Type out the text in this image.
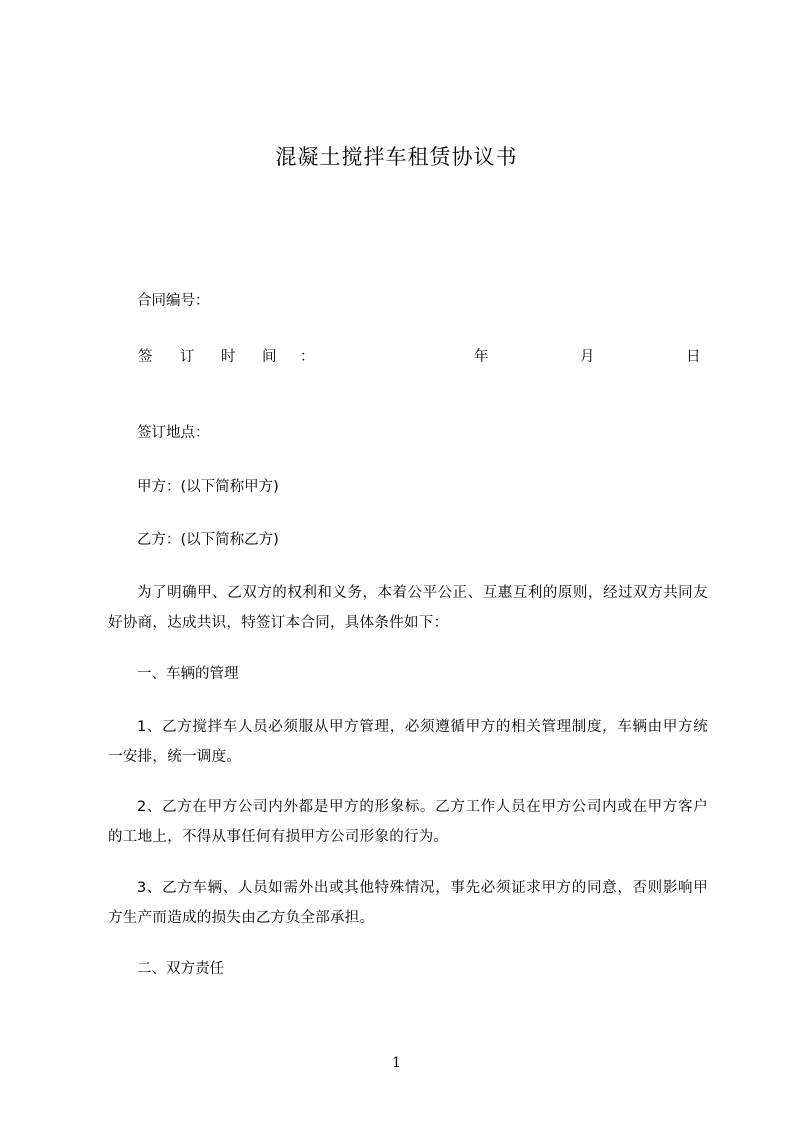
混凝土搅拌车租赁协议书
合同编号：
签 订 时 间 ：	年	月	日
签订地点：
甲方：(以下简称甲方)
乙方：(以下简称乙方)
为了明确甲、乙双方的权利和义务，本着公平公正、互惠互利的原则，经过双方共同友好协商，达成共识，特签订本合同，具体条件如下：
一、车辆的管理
1、乙方搅拌车人员必须服从甲方管理，必须遵循甲方的相关管理制度，车辆由甲方统一安排，统一调度。
2、乙方在甲方公司内外都是甲方的形象标。乙方工作人员在甲方公司内或在甲方客户的工地上，不得从事任何有损甲方公司形象的行为。
3、乙方车辆、人员如需外出或其他特殊情况，事先必须证求甲方的同意，否则影响甲方生产而造成的损失由乙方负全部承担。
二、双方责任
1
